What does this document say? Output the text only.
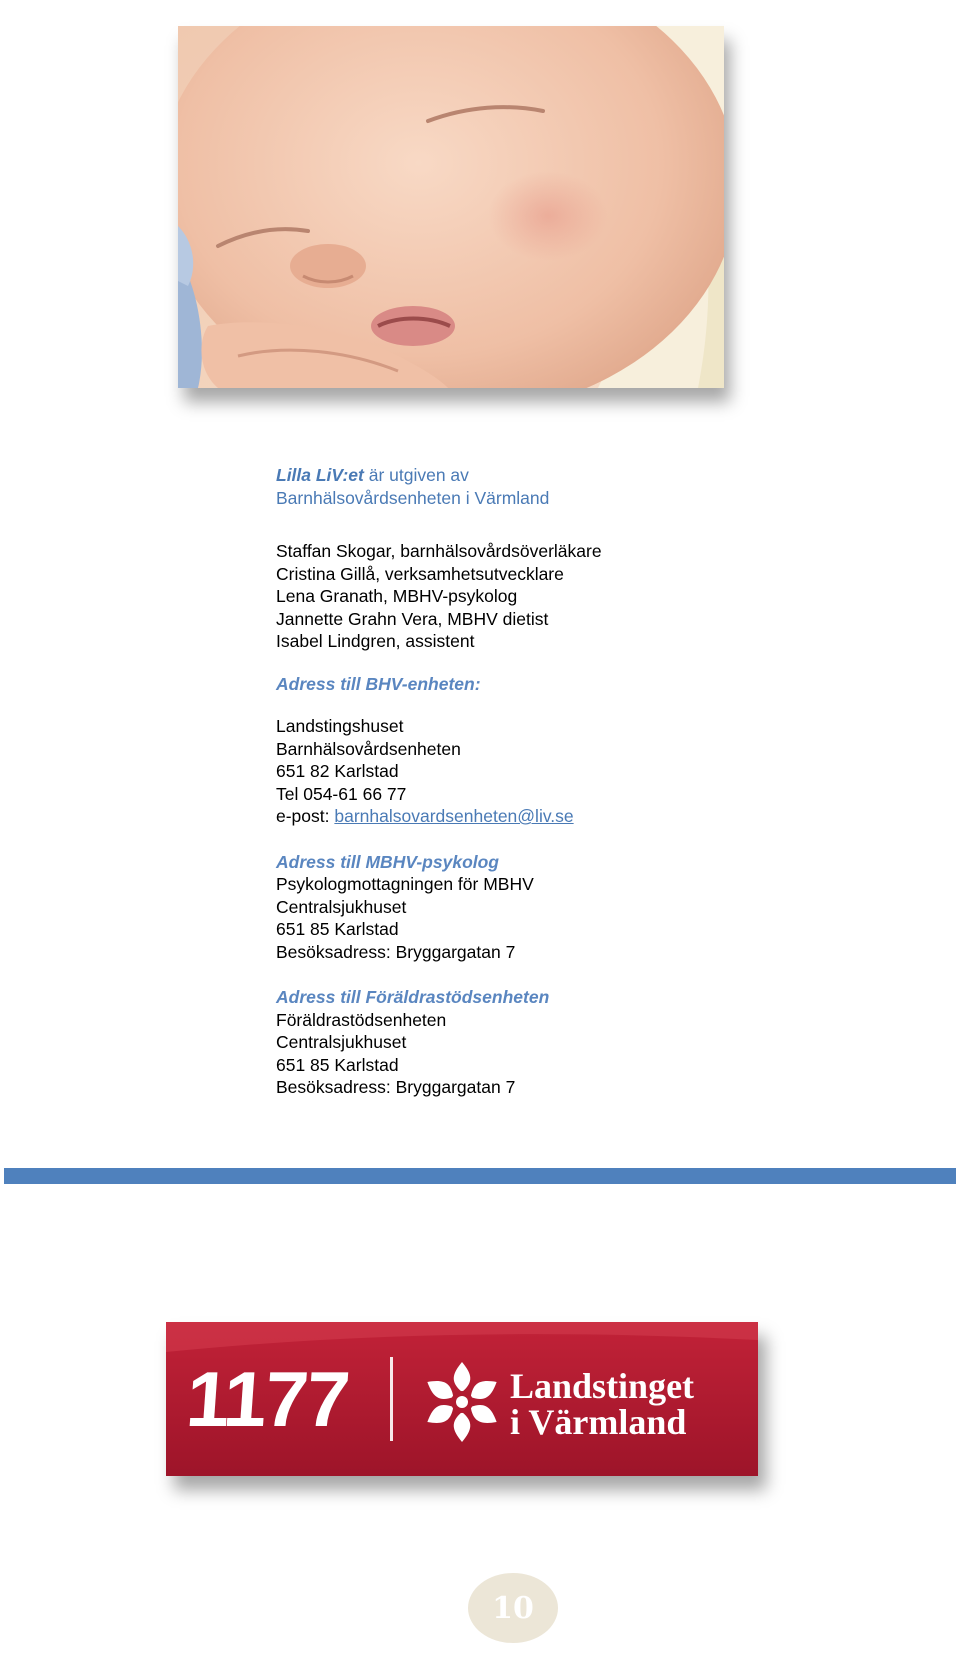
Lilla LiV:et är utgiven av

Barnhälsovårdsenheten i Värmland

Staffan Skogar, barnhälsovårdsöverläkare

Cristina Gillå, verksamhetsutvecklare

Lena Granath, MBHV-psykolog

Jannette Grahn Vera, MBHV dietist

Isabel Lindgren, assistent

Adress till BHV-enheten:

Landstingshuset

Barnhälsovårdsenheten

651 82 Karlstad

Tel 054-61 66 77

e-post: barnhalsovardsenheten@liv.se

Adress till MBHV-psykolog

Psykologmottagningen för MBHV

Centralsjukhuset

651 85 Karlstad

Besöksadress: Bryggargatan 7

Adress till Föräldrastödsenheten

Föräldrastödsenheten

Centralsjukhuset

651 85 Karlstad

Besöksadress: Bryggargatan 7

1177	Landstinget
i Värmland
10
